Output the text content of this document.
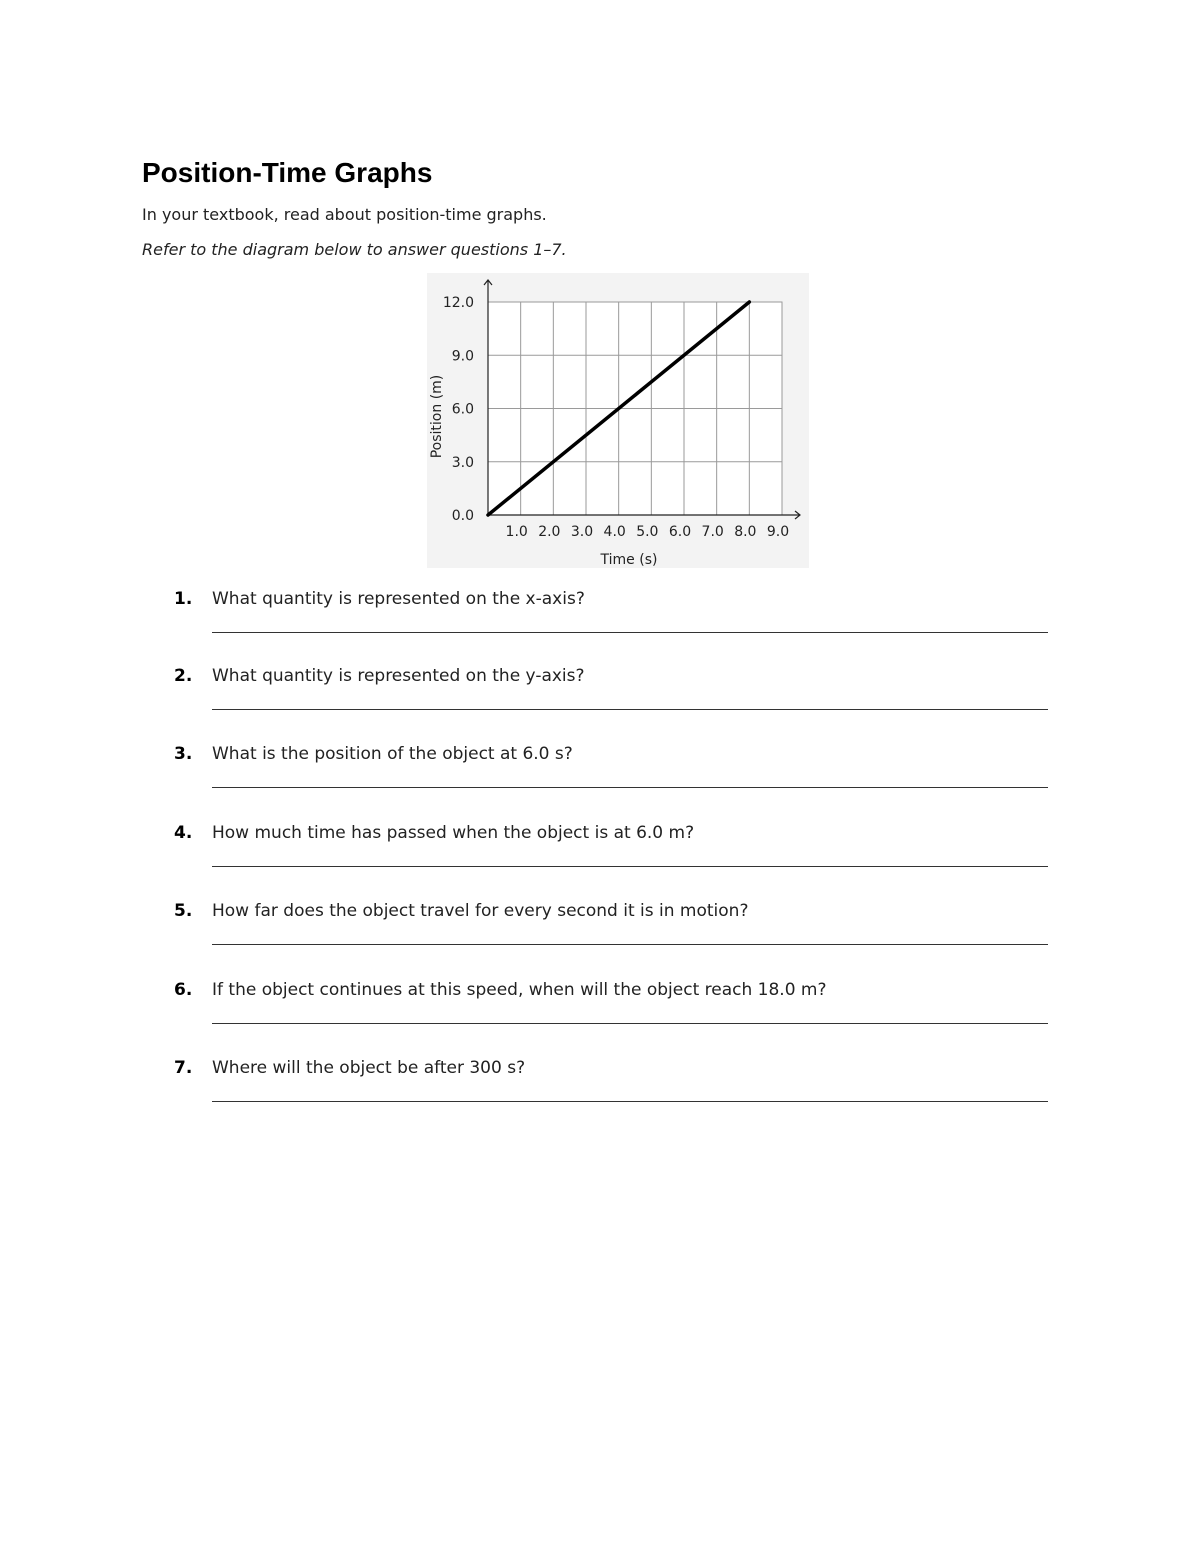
Position-Time Graphs
In your textbook, read about position-time graphs.
Refer to the diagram below to answer questions 1–7.
0.0
3.0
6.0
9.0
12.0
1.0 2.0 3.0 4.0 5.0 6.0 7.0 8.0 9.0
Time (s)
Position (m)
1. What quantity is represented on the x-axis?
2. What quantity is represented on the y-axis?
3. What is the position of the object at 6.0 s?
4. How much time has passed when the object is at 6.0 m?
5. How far does the object travel for every second it is in motion?
6. If the object continues at this speed, when will the object reach 18.0 m?
7. Where will the object be after 300 s?
